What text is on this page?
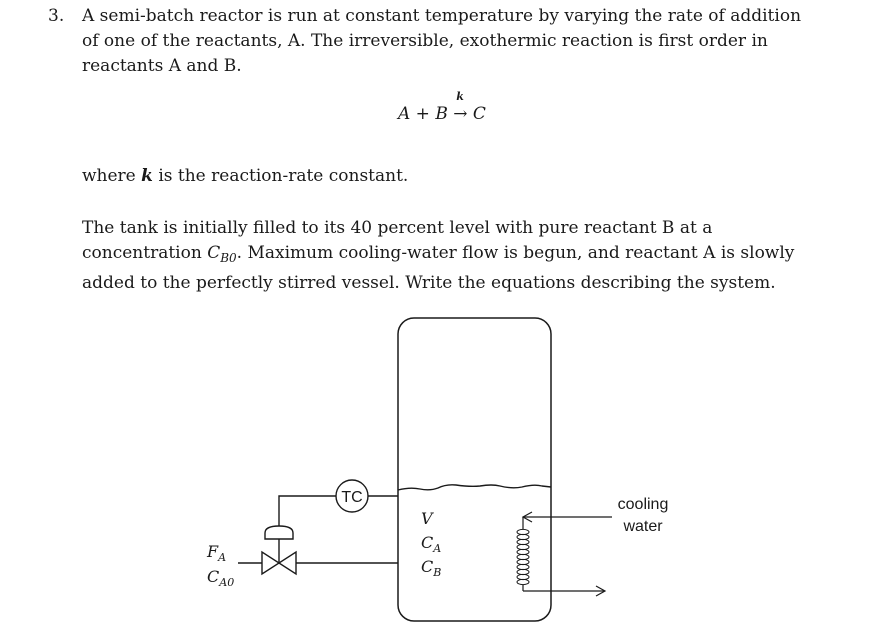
3. A semi-batch reactor is run at constant temperature by varying the rate of addition of one of the reactants, A. The irreversible, exothermic reaction is first order in reactants A and B.
A + B
k
→ C
where k is the reaction-rate constant.
The tank is initially filled to its 40 percent level with pure reactant B at a concentration $C_{B0}$. Maximum cooling-water flow is begun, and reactant A is slowly added to the perfectly stirred vessel. Write the equations describing the system.
TC
$F_A$
$C_{A0}$
V
$C_A$
$C_B$
cooling
water
